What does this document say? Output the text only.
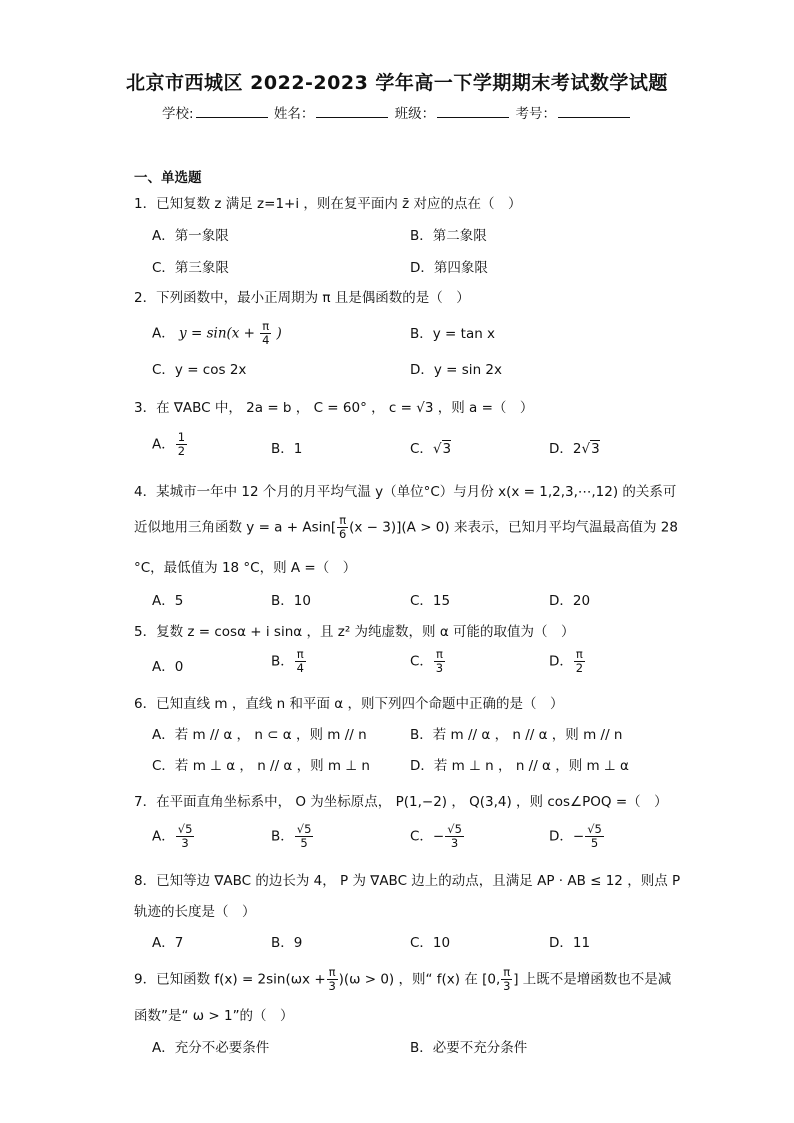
北京市西城区 2022-2023 学年高一下学期期末考试数学试题
学校:	姓名：	班级：	考号：
一、单选题
1．已知复数 z 满足 z=1+i ，则在复平面内 z̄ 对应的点在（　）
A．第一象限	B．第二象限
C．第三象限	D．第四象限
2．下列函数中，最小正周期为 π 且是偶函数的是（　）
A． $y = \sin(x + \frac{\pi}{4}$ )	B．y = tan x
C．y = cos 2x	D．y = sin 2x
3．在 ∇ABC 中， 2a = b ， C = 60° ， c = √3 ，则 a =（　）
A． $\frac{1}{2}$	B．1	C．√3	D．2√3
4．某城市一年中 12 个月的月平均气温 y（单位°C）与月份 x(x = 1,2,3,⋯,12) 的关系可
近似地用三角函数 $y = a + Asin[ \frac{\pi}{6} (x - 3)](A > 0)$ 来表示，已知月平均气温最高值为 28
°C，最低值为 18 °C，则 A =（　）
A．5	B．10	C．15	D．20
5．复数 z = cosα + i sinα ，且 z² 为纯虚数，则 α 可能的取值为（　）
A．0	B． $\frac{\pi}{4}$	C． $\frac{\pi}{3}$	D． $\frac{\pi}{2}$
6．已知直线 m ，直线 n 和平面 α ，则下列四个命题中正确的是（　）
A．若 m // α ， n ⊂ α ，则 m // n	B．若 m // α ， n // α ，则 m // n
C．若 m ⊥ α ， n // α ，则 m ⊥ n	D．若 m ⊥ n ， n // α ，则 m ⊥ α
7．在平面直角坐标系中， O 为坐标原点， P(1,−2) ， Q(3,4) ，则 cos∠POQ =（　）
A． $\frac{√5}{3}$	B． $\frac{√5}{5}$	C．− $\frac{√5}{3}$	D．− $\frac{√5}{5}$
8．已知等边 ∇ABC 的边长为 4， P 为 ∇ABC 边上的动点，且满足 AP · AB ≤ 12 ，则点 P
轨迹的长度是（　）
A．7	B．9	C．10	D．11
9．已知函数 $f(x) = 2\sin(\omega x + \frac{\pi}{3} )(\omega > 0)$ ，则“ f(x) 在 [0, $\frac{\pi}{3}$ ] 上既不是增函数也不是减
函数”是“ ω > 1”的（　）
A．充分不必要条件	B．必要不充分条件
